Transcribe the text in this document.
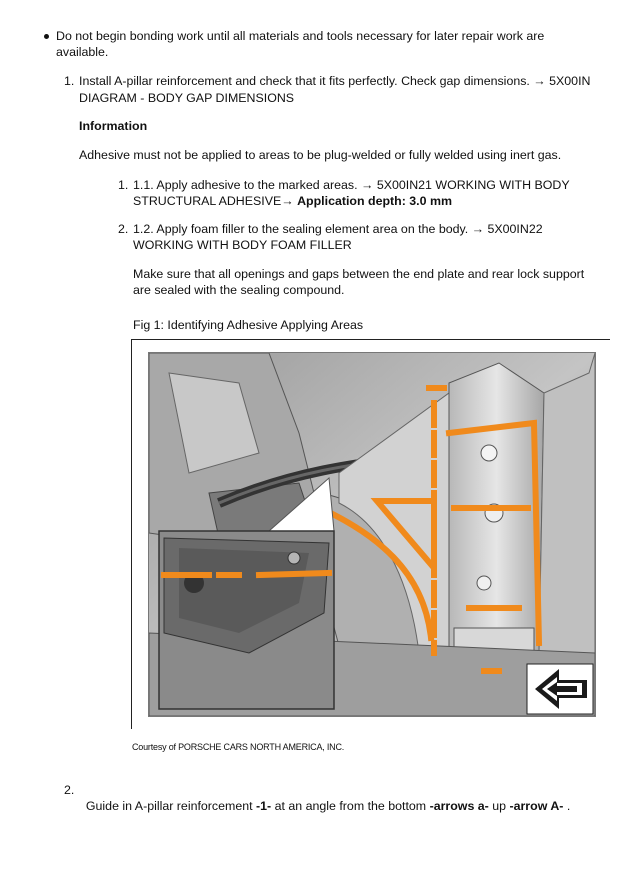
Do not begin bonding work until all materials and tools necessary for later repair work are
available.
1. Install A-pillar reinforcement and check that it fits perfectly. Check gap dimensions. → 5X00IN
DIAGRAM - BODY GAP DIMENSIONS
Information
Adhesive must not be applied to areas to be plug-welded or fully welded using inert gas.
1. 1.1. Apply adhesive to the marked areas. → 5X00IN21 WORKING WITH BODY
STRUCTURAL ADHESIVE→ Application depth: 3.0 mm
2. 1.2. Apply foam filler to the sealing element area on the body. → 5X00IN22
WORKING WITH BODY FOAM FILLER
Make sure that all openings and gaps between the end plate and rear lock support
are sealed with the sealing compound.
Fig 1: Identifying Adhesive Applying Areas
Courtesy of PORSCHE CARS NORTH AMERICA, INC.
2.

Guide in A-pillar reinforcement -1- at an angle from the bottom -arrows a- up -arrow A- .
